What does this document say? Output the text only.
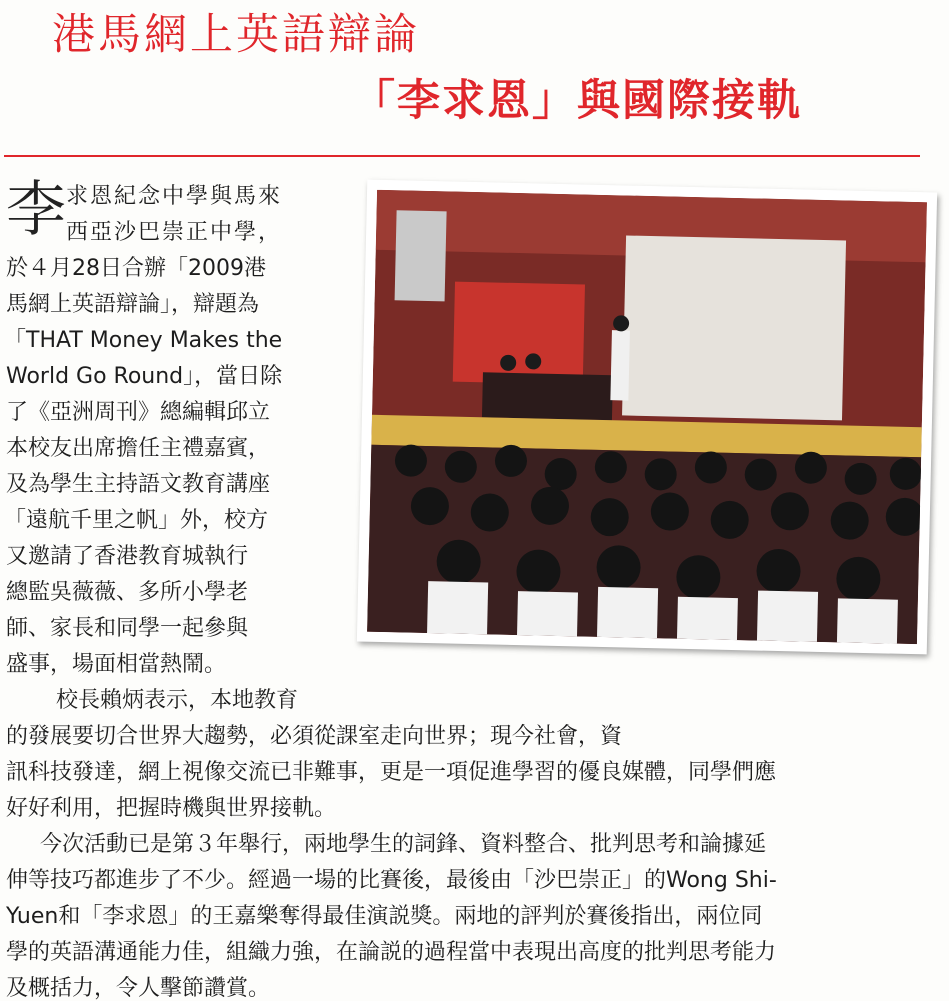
港馬網上英語辯論
「李求恩」與國際接軌
李 求恩紀念中學與馬來
西亞沙巴崇正中學，
於４月28日合辦「2009港
馬網上英語辯論」，辯題為
「THAT Money Makes the
World Go Round」，當日除
了《亞洲周刊》總編輯邱立
本校友出席擔任主禮嘉賓，
及為學生主持語文教育講座
「遠航千里之帆」外，校方
又邀請了香港教育城執行
總監吳薇薇、多所小學老
師、家長和同學一起參與
盛事，場面相當熱鬧。
校長賴炳表示，本地教育
的發展要切合世界大趨勢，必須從課室走向世界；現今社會，資
訊科技發達，網上視像交流已非難事，更是一項促進學習的優良媒體，同學們應
好好利用，把握時機與世界接軌。
今次活動已是第３年舉行，兩地學生的詞鋒、資料整合、批判思考和論據延
伸等技巧都進步了不少。經過一場的比賽後，最後由「沙巴崇正」的Wong Shi-
Yuen和「李求恩」的王嘉樂奪得最佳演説獎。兩地的評判於賽後指出，兩位同
學的英語溝通能力佳，組織力強，在論説的過程當中表現出高度的批判思考能力
及概括力，令人擊節讚賞。
